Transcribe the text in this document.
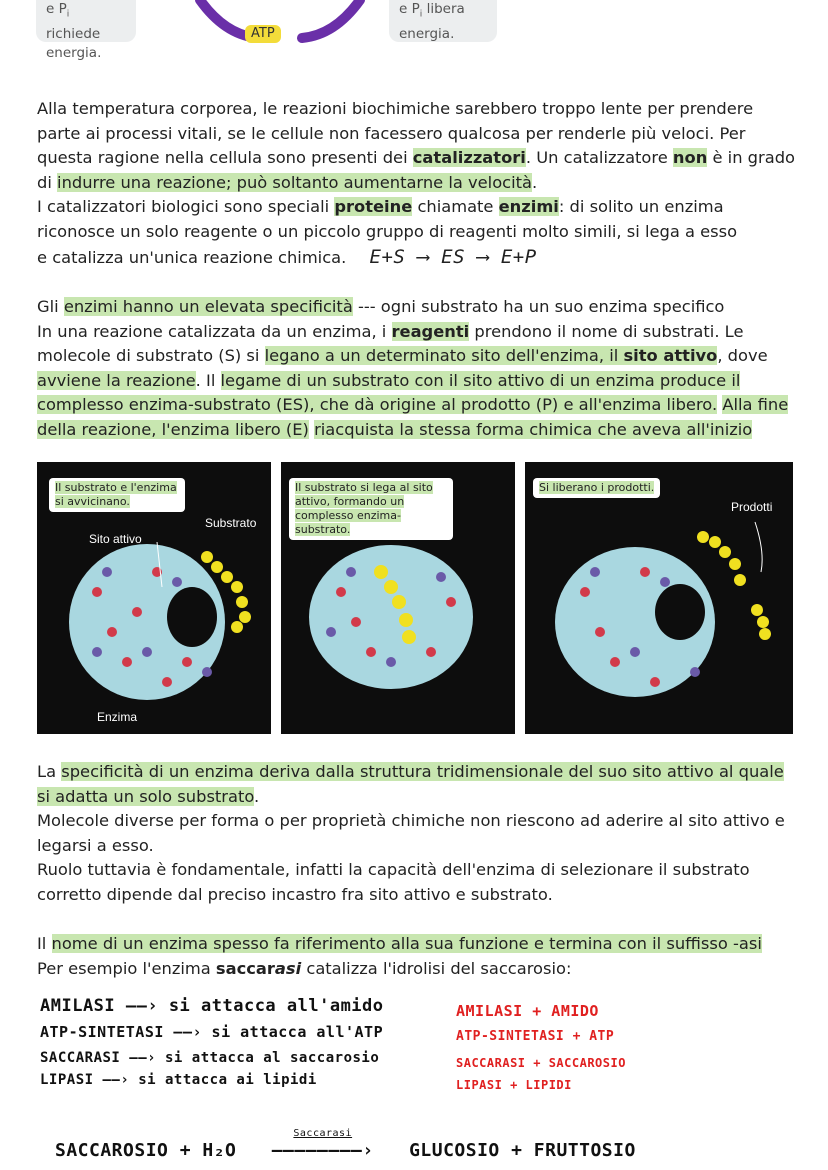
e $P_i$ richiede
energia.
e $P_i$ libera
energia.
ATP
Alla temperatura corporea, le reazioni biochimiche sarebbero troppo lente per prendere
parte ai processi vitali, se le cellule non facessero qualcosa per renderle più veloci. Per
questa ragione nella cellula sono presenti dei catalizzatori. Un catalizzatore non è in grado
di indurre una reazione; può soltanto aumentarne la velocità.
I catalizzatori biologici sono speciali proteine chiamate enzimi: di solito un enzima
riconosce un solo reagente o un piccolo gruppo di reagenti molto simili, si lega a esso
e catalizza un'unica reazione chimica. E+S ⟶ ES ⟶ E+P
Gli enzimi hanno un elevata specificità --- ogni substrato ha un suo enzima specifico
In una reazione catalizzata da un enzima, i reagenti prendono il nome di substrati. Le
molecole di substrato (S) si legano a un determinato sito dell'enzima, il sito attivo, dove
avviene la reazione. Il legame di un substrato con il sito attivo di un enzima produce il
complesso enzima-substrato (ES), che dà origine al prodotto (P) e all'enzima libero. Alla fine
della reazione, l'enzima libero (E) riacquista la stessa forma chimica che aveva all'inizio
Il substrato e l'enzima si avvicinano.
Sito attivo
Substrato
Enzima
Il substrato si lega al sito attivo, formando un complesso enzima-substrato.
Si liberano i prodotti.
Prodotti
La specificità di un enzima deriva dalla struttura tridimensionale del suo sito attivo al quale
si adatta un solo substrato.
Molecole diverse per forma o per proprietà chimiche non riescono ad aderire al sito attivo e
legarsi a esso.
Ruolo tuttavia è fondamentale, infatti la capacità dell'enzima di selezionare il substrato
corretto dipende dal preciso incastro fra sito attivo e substrato.
Il nome di un enzima spesso fa riferimento alla sua funzione e termina con il suffisso -asi
Per esempio l'enzima saccarasi catalizza l'idrolisi del saccarosio:
AMILASI ——› si attacca all'amido
ATP-SINTETASI ——› si attacca all'ATP
SACCARASI ——› si attacca al saccarosio
LIPASI ——› si attacca ai lipidi
AMILASI + AMIDO
ATP-SINTETASI + ATP
SACCARASI + SACCAROSIO
LIPASI + LIPIDI
SACCAROSIO + H₂O
Saccarasi
————————› GLUCOSIO + FRUTTOSIO
